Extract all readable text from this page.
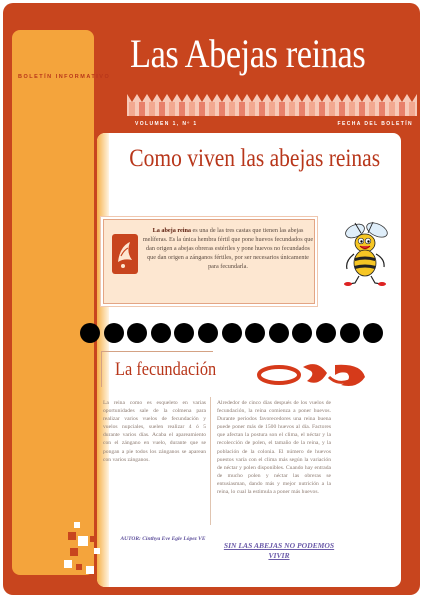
Las Abejas reinas
BOLETÍN INFORMATIVO
VOLUMEN 1, Nº 1	FECHA DEL BOLETÍN
Como viven las abejas reinas
La abeja reina es una de las tres castas que tienen las abejas melíferas. Es la única hembra fértil que pone huevos fecundados que dan origen a abejas obreras estériles y pone huevos no fecundados que dan origen a zánganos fértiles, por ser necesarios únicamente para fecundarla.
La fecundación
La reina como es esqueleto en varias oportunidades sale de la colmena para realizar varios vuelos de fecundación y vuelos nupciales, suelen realizar 4 ó 5 durante varios días. Acaba el apareamiento con el zángano en vuelo, durante que se pongan a pie todos los zánganos se aparean con varios zánganos.
Alrededor de cinco días después de los vuelos de fecundación, la reina comienza a poner huevos. Durante periodos favorecedores una reina buena puede poner más de 1500 huevos al día. Factores que afectan la postura son el clima, el néctar y la recolección de polen, el tamaño de la reina, y la población de la colonia. El número de huevos puestos varía con el clima más según la variación de néctar y polen disponibles. Cuando hay entrada de mucho polen y néctar las obreras se entusiasman, dando más y mejor nutrición a la reina, lo cual la estimula a poner más huevos.
AUTOR: Cinthya Eve Egle López VE
SIN LAS ABEJAS NO PODEMOS VIVIR
